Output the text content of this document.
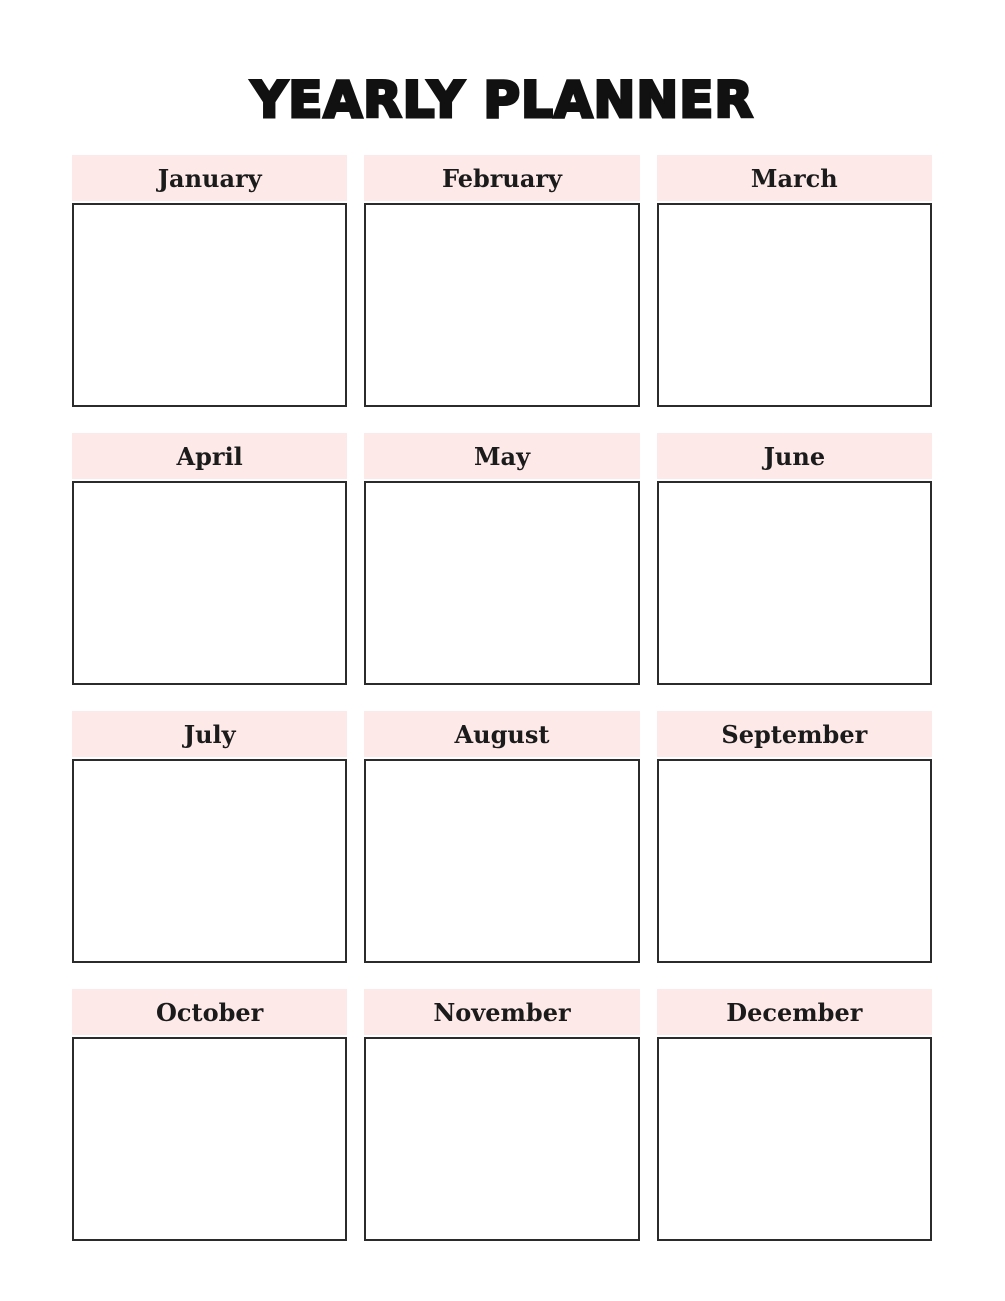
YEARLY PLANNER
January	February	March
April	May	June
July	August	September
October	November	December
